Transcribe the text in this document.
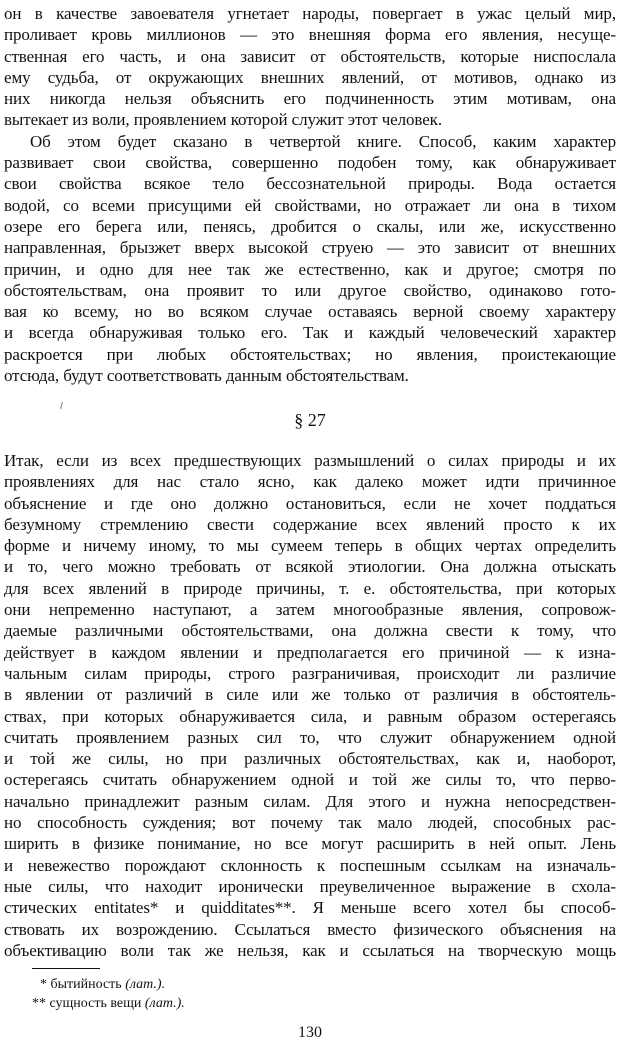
он в качестве завоевателя угнетает народы, повергает в ужас целый мир,
проливает кровь миллионов — это внешняя форма его явления, несуще-
ственная его часть, и она зависит от обстоятельств, которые ниспослала
ему судьба, от окружающих внешних явлений, от мотивов, однако из
них никогда нельзя объяснить его подчиненность этим мотивам, она
вытекает из воли, проявлением которой служит этот человек.
Об этом будет сказано в четвертой книге. Способ, каким характер
развивает свои свойства, совершенно подобен тому, как обнаруживает
свои свойства всякое тело бессознательной природы. Вода остается
водой, со всеми присущими ей свойствами, но отражает ли она в тихом
озере его берега или, пенясь, дробится о скалы, или же, искусственно
направленная, брызжет вверх высокой струею — это зависит от внешних
причин, и одно для нее так же естественно, как и другое; смотря по
обстоятельствам, она проявит то или другое свойство, одинаково гото-
вая ко всему, но во всяком случае оставаясь верной своему характеру
и всегда обнаруживая только его. Так и каждый человеческий характер
раскроется при любых обстоятельствах; но явления, проистекающие
отсюда, будут соответствовать данным обстоятельствам.
§ 27
Итак, если из всех предшествующих размышлений о силах природы и их
проявлениях для нас стало ясно, как далеко может идти причинное
объяснение и где оно должно остановиться, если не хочет поддаться
безумному стремлению свести содержание всех явлений просто к их
форме и ничему иному, то мы сумеем теперь в общих чертах определить
и то, чего можно требовать от всякой этиологии. Она должна отыскать
для всех явлений в природе причины, т. е. обстоятельства, при которых
они непременно наступают, а затем многообразные явления, сопровож-
даемые различными обстоятельствами, она должна свести к тому, что
действует в каждом явлении и предполагается его причиной — к изна-
чальным силам природы, строго разграничивая, происходит ли различие
в явлении от различий в силе или же только от различия в обстоятель-
ствах, при которых обнаруживается сила, и равным образом остерегаясь
считать проявлением разных сил то, что служит обнаружением одной
и той же силы, но при различных обстоятельствах, как и, наоборот,
остерегаясь считать обнаружением одной и той же силы то, что перво-
начально принадлежит разным силам. Для этого и нужна непосредствен-
но способность суждения; вот почему так мало людей, способных рас-
ширить в физике понимание, но все могут расширить в ней опыт. Лень
и невежество порождают склонность к поспешным ссылкам на изначаль-
ные силы, что находит иронически преувеличенное выражение в схола-
стических entitates* и quidditates**. Я меньше всего хотел бы способ-
ствовать их возрождению. Ссылаться вместо физического объяснения на
объективацию воли так же нельзя, как и ссылаться на творческую мощь
* бытийность (лат.).
** сущность вещи (лат.).
130
